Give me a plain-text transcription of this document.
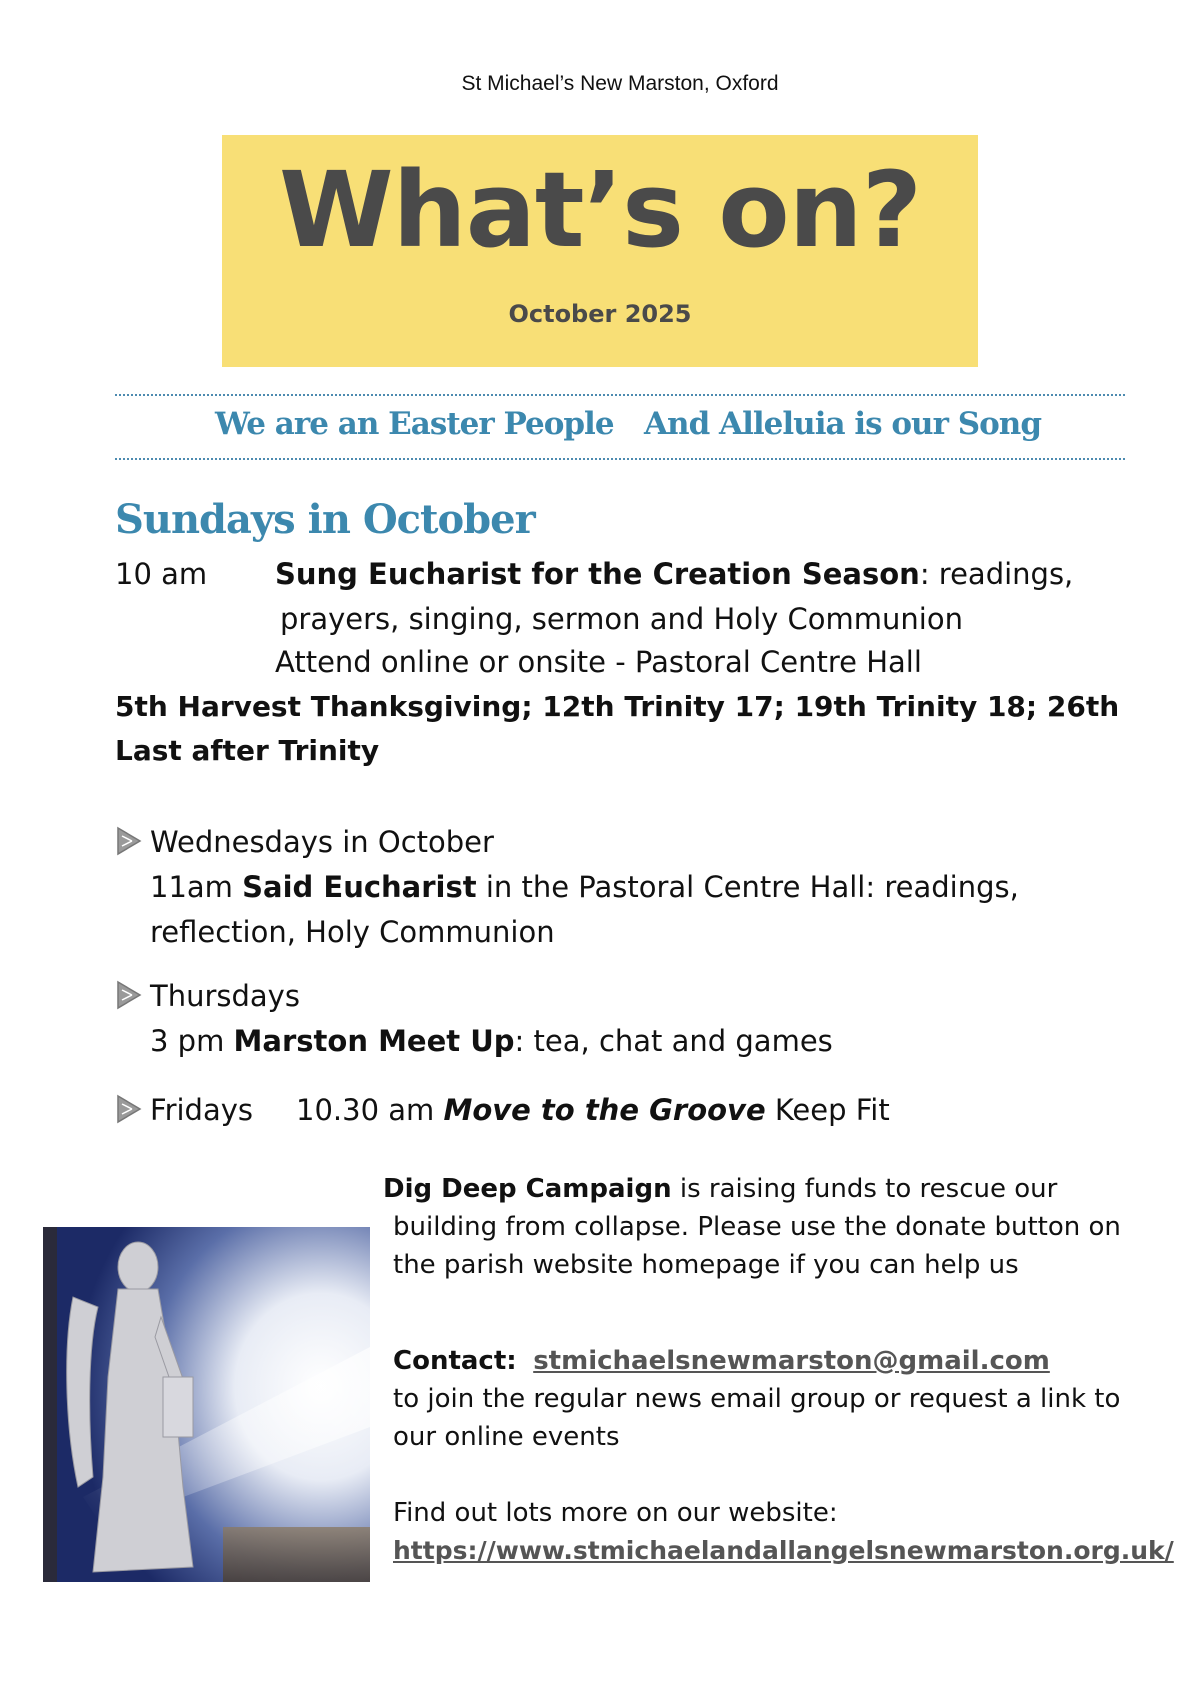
St Michael’s New Marston, Oxford
What’s on?
October 2025
We are an Easter People And Alleluia is our Song
Sundays in October
10 am Sung Eucharist for the Creation Season: readings,
prayers, singing, sermon and Holy Communion
Attend online or onsite - Pastoral Centre Hall
5th Harvest Thanksgiving; 12th Trinity 17; 19th Trinity 18; 26th Last after Trinity
Wednesdays in October
11am Said Eucharist in the Pastoral Centre Hall: readings,
reflection, Holy Communion
Thursdays
3 pm Marston Meet Up: tea, chat and games
Fridays 10.30 am Move to the Groove Keep Fit
Dig Deep Campaign is raising funds to rescue our
building from collapse. Please use the donate button on
the parish website homepage if you can help us
Contact: stmichaelsnewmarston@gmail.com
to join the regular news email group or request a link to
our online events
Find out lots more on our website:
https://www.stmichaelandallangelsnewmarston.org.uk/
